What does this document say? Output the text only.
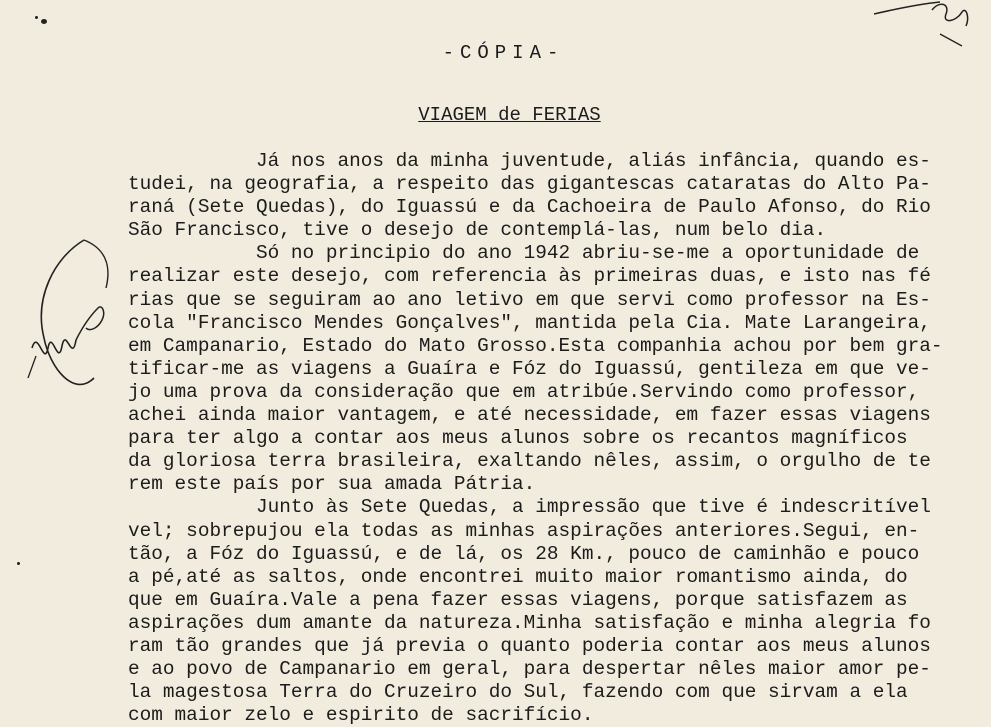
-CÓPIA-
VIAGEM de FERIAS
Já nos anos da minha juventude, aliás infância, quando es-
tudei, na geografia, a respeito das gigantescas cataratas do Alto Pa-
raná (Sete Quedas), do Iguassú e da Cachoeira de Paulo Afonso, do Rio
São Francisco, tive o desejo de contemplá-las, num belo dia.
Só no principio do ano 1942 abriu-se-me a oportunidade de
realizar este desejo, com referencia às primeiras duas, e isto nas fé
rias que se seguiram ao ano letivo em que servi como professor na Es-
cola "Francisco Mendes Gonçalves", mantida pela Cia. Mate Larangeira,
em Campanario, Estado do Mato Grosso.Esta companhia achou por bem gra-
tificar-me as viagens a Guaíra e Fóz do Iguassú, gentileza em que ve-
jo uma prova da consideração que em atribúe.Servindo como professor,
achei ainda maior vantagem, e até necessidade, em fazer essas viagens
para ter algo a contar aos meus alunos sobre os recantos magníficos
da gloriosa terra brasileira, exaltando nêles, assim, o orgulho de te
rem este país por sua amada Pátria.
Junto às Sete Quedas, a impressão que tive é indescritível
vel; sobrepujou ela todas as minhas aspirações anteriores.Segui, en-
tão, a Fóz do Iguassú, e de lá, os 28 Km., pouco de caminhão e pouco
a pé,até as saltos, onde encontrei muito maior romantismo ainda, do
que em Guaíra.Vale a pena fazer essas viagens, porque satisfazem as
aspirações dum amante da natureza.Minha satisfação e minha alegria fo
ram tão grandes que já previa o quanto poderia contar aos meus alunos
e ao povo de Campanario em geral, para despertar nêles maior amor pe-
la magestosa Terra do Cruzeiro do Sul, fazendo com que sirvam a ela
com maior zelo e espirito de sacrifício.
